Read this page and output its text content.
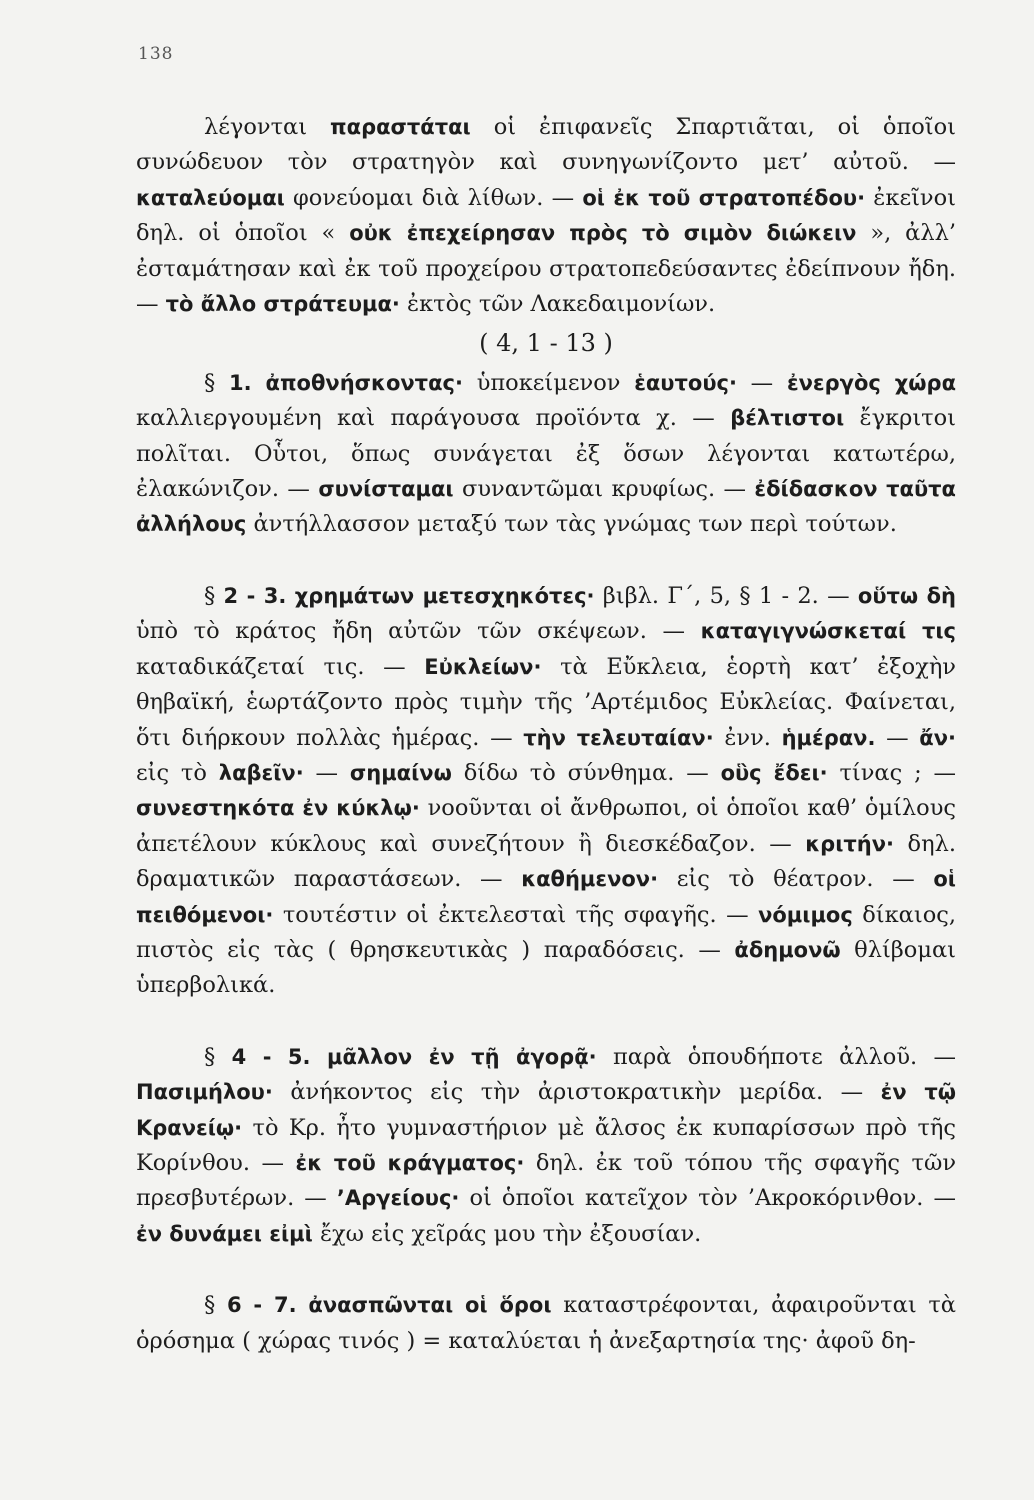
138

λέγονται παραστάται οἱ ἐπιφανεῖς Σπαρτιᾶται, οἱ ὁποῖοι συνώδευον τὸν στρατηγὸν καὶ συνηγωνίζοντο μετ’ αὐτοῦ. — καταλεύομαι φονεύομαι διὰ λίθων. — οἱ ἐκ τοῦ στρατοπέδου· ἐκεῖνοι δηλ. οἱ ὁποῖοι « οὐκ ἐπεχείρησαν πρὸς τὸ σιμὸν διώκειν », ἀλλ’ ἐσταμάτησαν καὶ ἐκ τοῦ προχείρου στρατοπεδεύσαντες ἐδείπνουν ἤδη. — τὸ ἄλλο στράτευμα· ἐκτὸς τῶν Λακεδαιμονίων.

( 4, 1 - 13 )

§ 1. ἀποθνήσκοντας· ὑποκείμενον ἑαυτούς· — ἐνεργὸς χώρα καλλιεργουμένη καὶ παράγουσα προϊόντα χ. — βέλτιστοι ἔγκριτοι πολῖται. Οὗτοι, ὅπως συνάγεται ἐξ ὅσων λέγονται κατωτέρω, ἐλακώνιζον. — συνίσταμαι συναντῶμαι κρυφίως. — ἐδίδασκον ταῦτα ἀλλήλους ἀντήλλασσον μεταξύ των τὰς γνώμας των περὶ τούτων.

§ 2 - 3. χρημάτων μετεσχηκότες· βιβλ. Γ΄, 5, § 1 - 2. — οὕτω δὴ ὑπὸ τὸ κράτος ἤδη αὐτῶν τῶν σκέψεων. — καταγιγνώσκεταί τις καταδικάζεταί τις. — Εὐκλείων· τὰ Εὔκλεια, ἑορτὴ κατ’ ἐξοχὴν θηβαϊκή, ἑωρτάζοντο πρὸς τιμὴν τῆς ’Αρτέμιδος Εὐκλείας. Φαίνεται, ὅτι διήρκουν πολλὰς ἡμέρας. — τὴν τελευταίαν· ἐνν. ἡμέραν. — ἄν· εἰς τὸ λαβεῖν· — σημαίνω δίδω τὸ σύνθημα. — οὓς ἔδει· τίνας ; — συνεστηκότα ἐν κύκλῳ· νοοῦνται οἱ ἄνθρωποι, οἱ ὁποῖοι καθ’ ὁμίλους ἀπετέλουν κύκλους καὶ συνεζήτουν ἢ διεσκέδαζον. — κριτήν· δηλ. δραματικῶν παραστάσεων. — καθήμενον· εἰς τὸ θέατρον. — οἱ πειθόμενοι· τουτέστιν οἱ ἐκτελεσταὶ τῆς σφαγῆς. — νόμιμος δίκαιος, πιστὸς εἰς τὰς ( θρησκευτικὰς ) παραδόσεις. — ἀδημονῶ θλίβομαι ὑπερβολικά.

§ 4 - 5. μᾶλλον ἐν τῇ ἀγορᾷ· παρὰ ὁπουδήποτε ἀλλοῦ. — Πασιμήλου· ἀνήκοντος εἰς τὴν ἀριστοκρατικὴν μερίδα. — ἐν τῷ Κρανείῳ· τὸ Κρ. ἦτο γυμναστήριον μὲ ἄλσος ἐκ κυπαρίσσων πρὸ τῆς Κορίνθου. — ἐκ τοῦ κράγματος· δηλ. ἐκ τοῦ τόπου τῆς σφαγῆς τῶν πρεσβυτέρων. — ’Αργείους· οἱ ὁποῖοι κατεῖχον τὸν ’Ακροκόρινθον. — ἐν δυνάμει εἰμὶ ἔχω εἰς χεῖράς μου τὴν ἐξουσίαν.

§ 6 - 7. ἀνασπῶνται οἱ ὅροι καταστρέφονται, ἀφαιροῦνται τὰ ὁρόσημα ( χώρας τινός ) = καταλύεται ἡ ἀνεξαρτησία της· ἀφοῦ δη-
